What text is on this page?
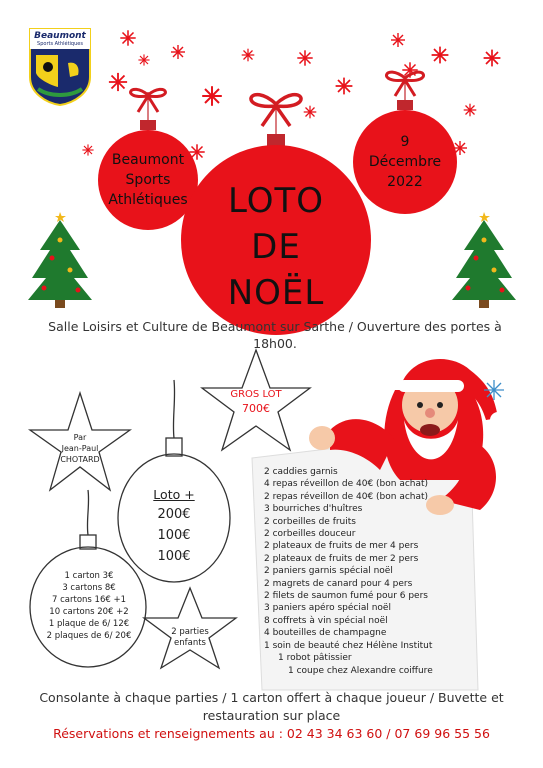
Beaumont
Sports Athlétiques
Beaumont
Sports
Athlétiques	LOTO
DE
NOËL
9
Décembre
2022
Salle Loisirs et Culture de Beaumont sur Sarthe / Ouverture des portes à 18h00.
Par
Jean-Paul
CHOTARD
GROS LOT
700€
Loto +
200€
100€
100€
1 carton 3€
3 cartons 8€
7 cartons 16€ +1
10 cartons 20€ +2
1 plaque de 6/ 12€
2 plaques de 6/ 20€	2 parties
enfants
2 caddies garnis
4 repas réveillon de 40€ (bon achat)
2 repas réveillon de 40€ (bon achat)
3 bourriches d'huîtres
2 corbeilles de fruits
2 corbeilles douceur
2 plateaux de fruits de mer 4 pers
2 plateaux de fruits de mer 2 pers
2 paniers garnis spécial noël
2 magrets de canard pour 4 pers
2 filets de saumon fumé pour 6 pers
3 paniers apéro spécial noël
8 coffrets à vin spécial noël
4 bouteilles de champagne
1 soin de beauté chez Hélène Institut
1 robot pâtissier
1 coupe chez Alexandre coiffure
Consolante à chaque parties / 1 carton offert à chaque joueur / Buvette et restauration sur place
Réservations et renseignements au : 02 43 34 63 60 / 07 69 96 55 56
